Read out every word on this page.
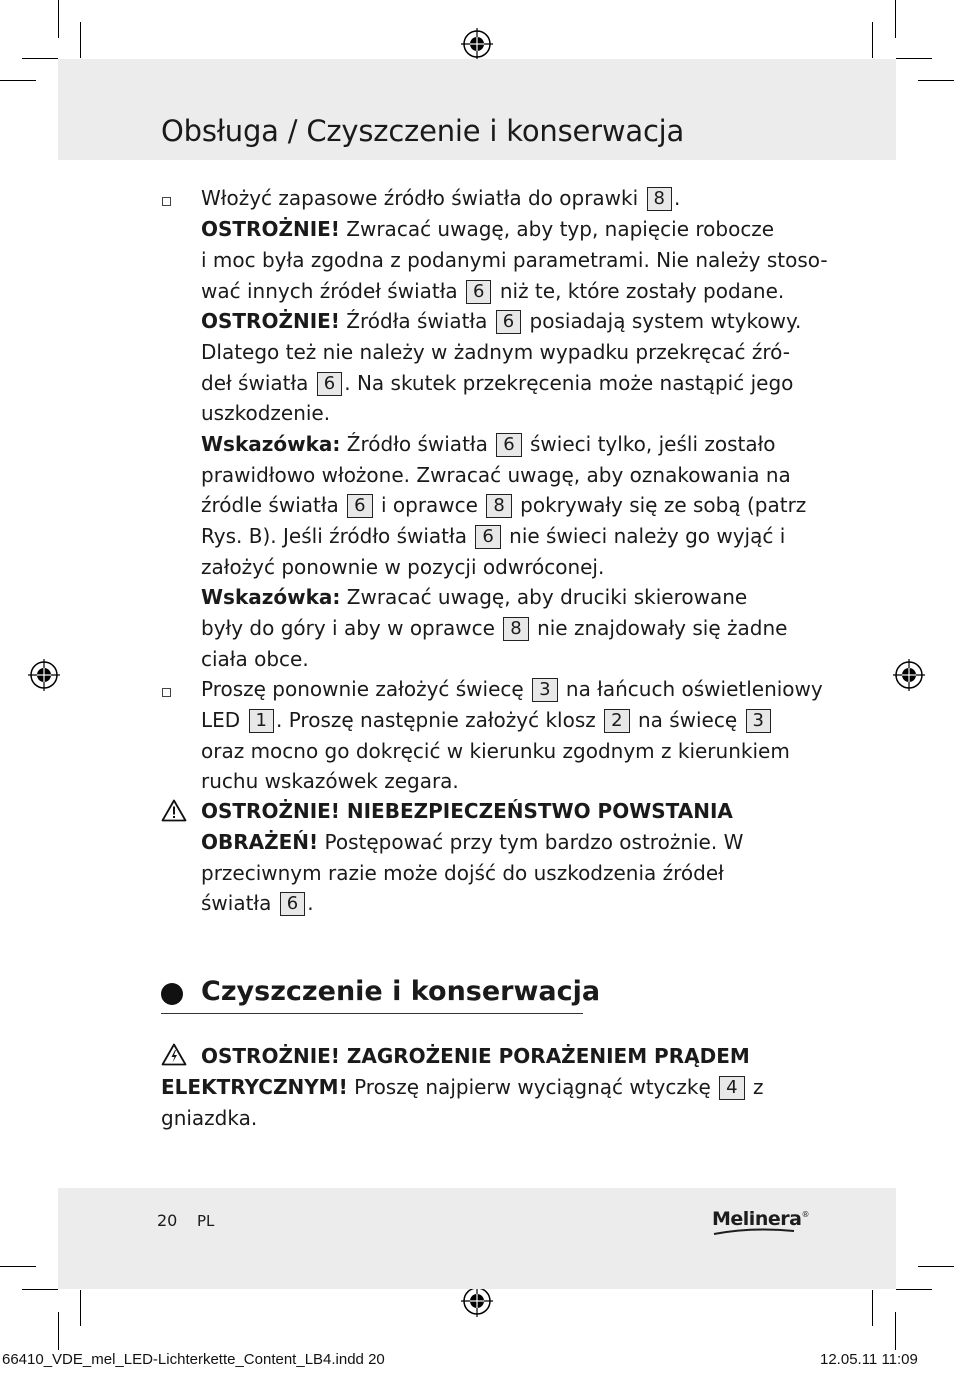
Obsługa / Czyszczenie i konserwacja
Włożyć zapasowe źródło światła do oprawki 8 .
OSTROŻNIE! Zwracać uwagę, aby typ, napięcie robocze
i moc była zgodna z podanymi parametrami. Nie należy stoso-
wać innych źródeł światła 6 niż te, które zostały podane.
OSTROŻNIE! Źródła światła 6 posiadają system wtykowy.
Dlatego też nie należy w żadnym wypadku przekręcać źró-
deł światła 6 . Na skutek przekręcenia może nastąpić jego
uszkodzenie.
Wskazówka: Źródło światła 6 świeci tylko, jeśli zostało
prawidłowo włożone. Zwracać uwagę, aby oznakowania na
źródle światła 6 i oprawce 8 pokrywały się ze sobą (patrz
Rys. B). Jeśli źródło światła 6 nie świeci należy go wyjąć i
założyć ponownie w pozycji odwróconej.
Wskazówka: Zwracać uwagę, aby druciki skierowane
były do góry i aby w oprawce 8 nie znajdowały się żadne
ciała obce.
Proszę ponownie założyć świecę 3 na łańcuch oświetleniowy
LED 1 . Proszę następnie założyć klosz 2 na świecę 3
oraz mocno go dokręcić w kierunku zgodnym z kierunkiem
ruchu wskazówek zegara.
OSTROŻNIE! NIEBEZPIECZEŃSTWO POWSTANIA
OBRAŻEŃ! Postępować przy tym bardzo ostrożnie. W
przeciwnym razie może dojść do uszkodzenia źródeł
światła 6 .
Czyszczenie i konserwacja
OSTROŻNIE! ZAGROŻENIE PORAŻENIEM PRĄDEM
ELEKTRYCZNYM! Proszę najpierw wyciągnąć wtyczkę 4 z
gniazdka.
20 PL	Melinera®
66410_VDE_mel_LED-Lichterkette_Content_LB4.indd 20	12.05.11 11:09
